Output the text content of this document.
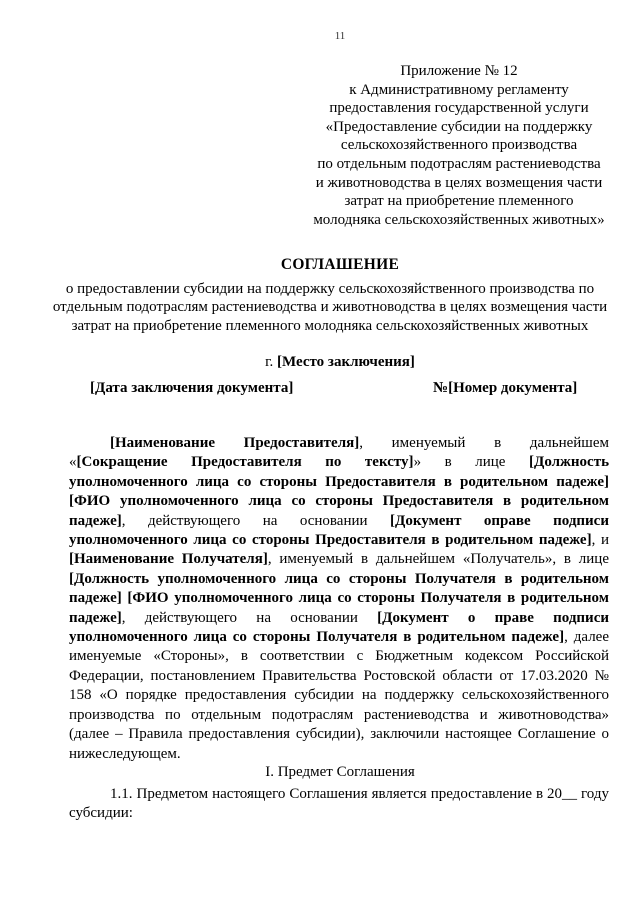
11
Приложение № 12
к Административному регламенту
предоставления государственной услуги
«Предоставление субсидии на поддержку
сельскохозяйственного производства
по отдельным подотраслям растениеводства
и животноводства в целях возмещения части
затрат на приобретение племенного
молодняка сельскохозяйственных животных»
СОГЛАШЕНИЕ
о предоставлении субсидии на поддержку сельскохозяйственного производства по отдельным подотраслям растениеводства и животноводства в целях возмещения части затрат на приобретение племенного молодняка сельскохозяйственных животных
г. [Место заключения]
[Дата заключения документа]	№[Номер документа]

[Наименование Предоставителя], именуемый в дальнейшем «[Сокращение Предоставителя по тексту]» в лице [Должность уполномоченного лица со стороны Предоставителя в родительном падеже] [ФИО уполномоченного лица со стороны Предоставителя в родительном падеже], действующего на основании [Документ оправе подписи уполномоченного лица со стороны Предоставителя в родительном падеже], и [Наименование Получателя], именуемый в дальнейшем «Получатель», в лице [Должность уполномоченного лица со стороны Получателя в родительном падеже] [ФИО уполномоченного лица со стороны Получателя в родительном падеже], действующего на основании [Документ о праве подписи уполномоченного лица со стороны Получателя в родительном падеже], далее именуемые «Стороны», в соответствии с Бюджетным кодексом Российской Федерации, постановлением Правительства Ростовской области от 17.03.2020 № 158 «О порядке предоставления субсидии на поддержку сельскохозяйственного производства по отдельным подотраслям растениеводства и животноводства» (далее – Правила предоставления субсидии), заключили настоящее Соглашение о нижеследующем.

I. Предмет Соглашения

1.1. Предметом настоящего Соглашения является предоставление в 20__ году субсидии:
